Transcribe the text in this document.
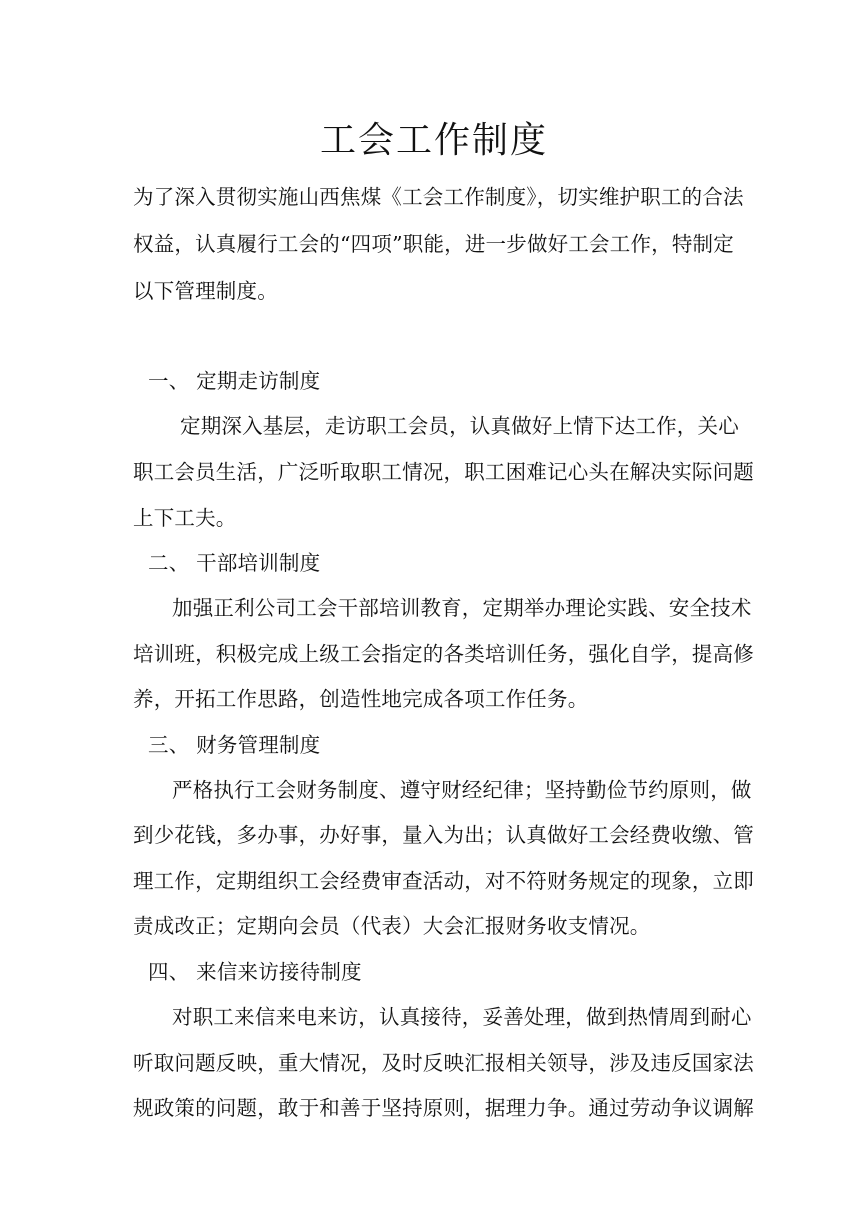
工会工作制度
为了深入贯彻实施山西焦煤《工会工作制度》，切实维护职工的合法
权益，认真履行工会的“四项”职能，进一步做好工会工作，特制定
以下管理制度。
一、 定期走访制度
定期深入基层，走访职工会员，认真做好上情下达工作，关心
职工会员生活，广泛听取职工情况，职工困难记心头在解决实际问题
上下工夫。
二、 干部培训制度
加强正利公司工会干部培训教育，定期举办理论实践、安全技术
培训班，积极完成上级工会指定的各类培训任务，强化自学，提高修
养，开拓工作思路，创造性地完成各项工作任务。
三、 财务管理制度
严格执行工会财务制度、遵守财经纪律；坚持勤俭节约原则，做
到少花钱，多办事，办好事，量入为出；认真做好工会经费收缴、管
理工作，定期组织工会经费审查活动，对不符财务规定的现象，立即
责成改正；定期向会员（代表）大会汇报财务收支情况。
四、 来信来访接待制度
对职工来信来电来访，认真接待，妥善处理，做到热情周到耐心
听取问题反映，重大情况，及时反映汇报相关领导，涉及违反国家法
规政策的问题，敢于和善于坚持原则，据理力争。通过劳动争议调解
